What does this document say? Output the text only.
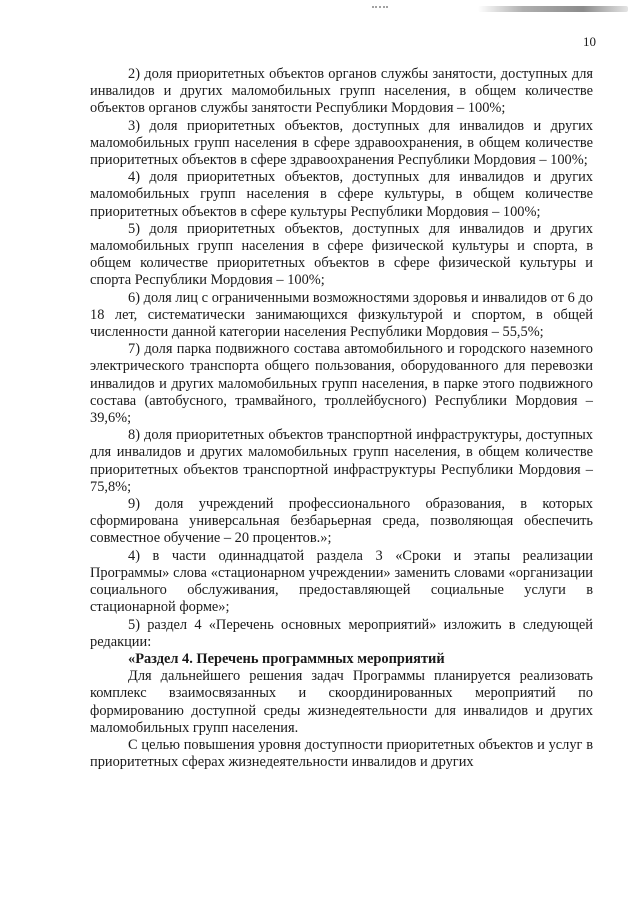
10

2) доля приоритетных объектов органов службы занятости, доступных для инвалидов и других маломобильных групп населения, в общем количестве объектов органов службы занятости Республики Мордовия – 100%;

3) доля приоритетных объектов, доступных для инвалидов и других маломобильных групп населения в сфере здравоохранения, в общем количестве приоритетных объектов в сфере здравоохранения Республики Мордовия – 100%;

4) доля приоритетных объектов, доступных для инвалидов и других маломобильных групп населения в сфере культуры, в общем количестве приоритетных объектов в сфере культуры Республики Мордовия – 100%;

5) доля приоритетных объектов, доступных для инвалидов и других маломобильных групп населения в сфере физической культуры и спорта, в общем количестве приоритетных объектов в сфере физической культуры и спорта Республики Мордовия – 100%;

6) доля лиц с ограниченными возможностями здоровья и инвалидов от 6 до 18 лет, систематически занимающихся физкультурой и спортом, в общей численности данной категории населения Республики Мордовия – 55,5%;

7) доля парка подвижного состава автомобильного и городского наземного электрического транспорта общего пользования, оборудованного для перевозки инвалидов и других маломобильных групп населения, в парке этого подвижного состава (автобусного, трамвайного, троллейбусного) Республики Мордовия – 39,6%;

8) доля приоритетных объектов транспортной инфраструктуры, доступных для инвалидов и других маломобильных групп населения, в общем количестве приоритетных объектов транспортной инфраструктуры Республики Мордовия – 75,8%;

9) доля учреждений профессионального образования, в которых сформирована универсальная безбарьерная среда, позволяющая обеспечить совместное обучение – 20 процентов.»;

4) в части одиннадцатой раздела 3 «Сроки и этапы реализации Программы» слова «стационарном учреждении» заменить словами «организации социального обслуживания, предоставляющей социальные услуги в стационарной форме»;

5) раздел 4 «Перечень основных мероприятий» изложить в следующей редакции:

«Раздел 4. Перечень программных мероприятий

Для дальнейшего решения задач Программы планируется реализовать комплекс взаимосвязанных и скоординированных мероприятий по формированию доступной среды жизнедеятельности для инвалидов и других маломобильных групп населения.

С целью повышения уровня доступности приоритетных объектов и услуг в приоритетных сферах жизнедеятельности инвалидов и других
